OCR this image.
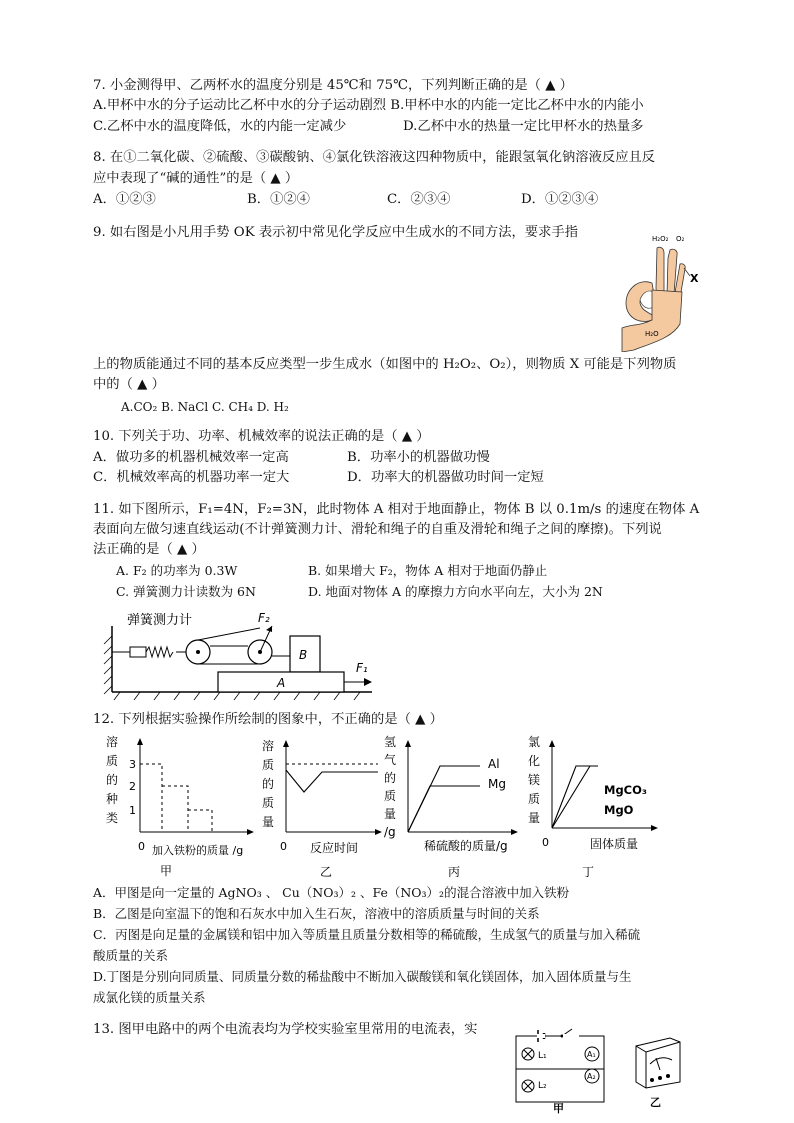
7. 小金测得甲、乙两杯水的温度分别是 45℃和 75℃，下列判断正确的是（ ▲ ）
A.甲杯中水的分子运动比乙杯中水的分子运动剧烈 B.甲杯中水的内能一定比乙杯中水的内能小
C.乙杯中水的温度降低，水的内能一定减少	D.乙杯中水的热量一定比甲杯水的热量多
8. 在①二氧化碳、②硫酸、③碳酸钠、④氯化铁溶液这四种物质中，能跟氢氧化钠溶液反应且反
应中表现了“碱的通性”的是（ ▲ ）
A．①②③	B．①②④	C．②③④	D．①②③④
9. 如右图是小凡用手势 OK 表示初中常见化学反应中生成水的不同方法，要求手指	H₂O₂ O₂
X
H₂O
上的物质能通过不同的基本反应类型一步生成水（如图中的 H₂O₂、O₂），则物质 X 可能是下列物质
中的（ ▲ ）
A.CO₂ B. NaCl C. CH₄ D. H₂
10. 下列关于功、功率、机械效率的说法正确的是（ ▲ ）
A．做功多的机器机械效率一定高	B．功率小的机器做功慢
C．机械效率高的机器功率一定大	D．功率大的机器做功时间一定短
11. 如下图所示，F₁=4N，F₂=3N，此时物体 A 相对于地面静止，物体 B 以 0.1m/s 的速度在物体 A
表面向左做匀速直线运动(不计弹簧测力计、滑轮和绳子的自重及滑轮和绳子之间的摩擦)。下列说
法正确的是（ ▲ ）
A. F₂ 的功率为 0.3W	B. 如果增大 F₂，物体 A 相对于地面仍静止
C. 弹簧测力计读数为 6N	D. 地面对物体 A 的摩擦力方向水平向左，大小为 2N
弹簧测力计	F₂
B
A
F₁
12. 下列根据实验操作所绘制的图象中，不正确的是（ ▲ ）
溶
质
的
种
类
3
2
1
0 加入铁粉的质量 /g
甲
溶
质
的
质
量
0 反应时间
乙
氢
气
的
质
量
/g
Al
Mg
稀硫酸的质量/g
丙
氯
化
镁
质
量
MgCO₃
MgO
0	固体质量
丁
A．甲图是向一定量的 AgNO₃ 、 Cu（NO₃）₂ 、Fe（NO₃）₂的混合溶液中加入铁粉
B．乙图是向室温下的饱和石灰水中加入生石灰，溶液中的溶质质量与时间的关系
C．丙图是向足量的金属镁和铝中加入等质量且质量分数相等的稀硫酸，生成氢气的质量与加入稀硫
酸质量的关系
D.丁图是分别向同质量、同质量分数的稀盐酸中不断加入碳酸镁和氧化镁固体，加入固体质量与生
成氯化镁的质量关系
13. 图甲电路中的两个电流表均为学校实验室里常用的电流表，实
L₁	A₁
L₂
A₂
甲	乙
